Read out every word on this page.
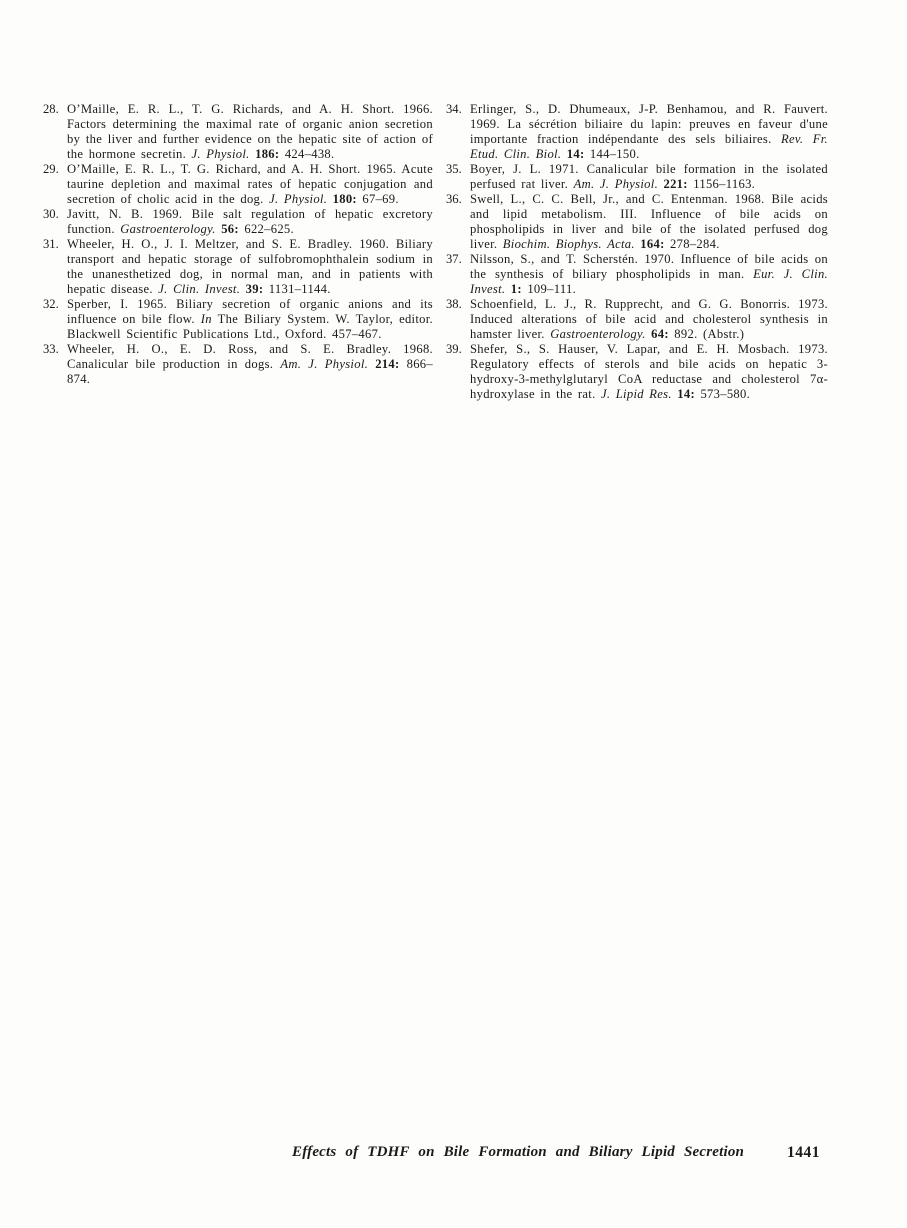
28. O’Maille, E. R. L., T. G. Richards, and A. H. Short. 1966. Factors determining the maximal rate of organic anion secretion by the liver and further evidence on the hepatic site of action of the hormone secretin. J. Physiol. 186: 424–438.

29. O’Maille, E. R. L., T. G. Richard, and A. H. Short. 1965. Acute taurine depletion and maximal rates of hepatic conjugation and secretion of cholic acid in the dog. J. Physiol. 180: 67–69.

30. Javitt, N. B. 1969. Bile salt regulation of hepatic excretory function. Gastroenterology. 56: 622–625.

31. Wheeler, H. O., J. I. Meltzer, and S. E. Bradley. 1960. Biliary transport and hepatic storage of sulfobromophthalein sodium in the unanesthetized dog, in normal man, and in patients with hepatic disease. J. Clin. Invest. 39: 1131–1144.

32. Sperber, I. 1965. Biliary secretion of organic anions and its influence on bile flow. In The Biliary System. W. Taylor, editor. Blackwell Scientific Publications Ltd., Oxford. 457–467.

33. Wheeler, H. O., E. D. Ross, and S. E. Bradley. 1968. Canalicular bile production in dogs. Am. J. Physiol. 214: 866–874.

34. Erlinger, S., D. Dhumeaux, J-P. Benhamou, and R. Fauvert. 1969. La sécrétion biliaire du lapin: preuves en faveur d'une importante fraction indépendante des sels biliaires. Rev. Fr. Etud. Clin. Biol. 14: 144–150.

35. Boyer, J. L. 1971. Canalicular bile formation in the isolated perfused rat liver. Am. J. Physiol. 221: 1156–1163.

36. Swell, L., C. C. Bell, Jr., and C. Entenman. 1968. Bile acids and lipid metabolism. III. Influence of bile acids on phospholipids in liver and bile of the isolated perfused dog liver. Biochim. Biophys. Acta. 164: 278–284.

37. Nilsson, S., and T. Scherstén. 1970. Influence of bile acids on the synthesis of biliary phospholipids in man. Eur. J. Clin. Invest. 1: 109–111.

38. Schoenfield, L. J., R. Rupprecht, and G. G. Bonorris. 1973. Induced alterations of bile acid and cholesterol synthesis in hamster liver. Gastroenterology. 64: 892. (Abstr.)

39. Shefer, S., S. Hauser, V. Lapar, and E. H. Mosbach. 1973. Regulatory effects of sterols and bile acids on hepatic 3-hydroxy-3-methylglutaryl CoA reductase and cholesterol 7α-hydroxylase in the rat. J. Lipid Res. 14: 573–580.

Effects of TDHF on Bile Formation and Biliary Lipid Secretion	1441
